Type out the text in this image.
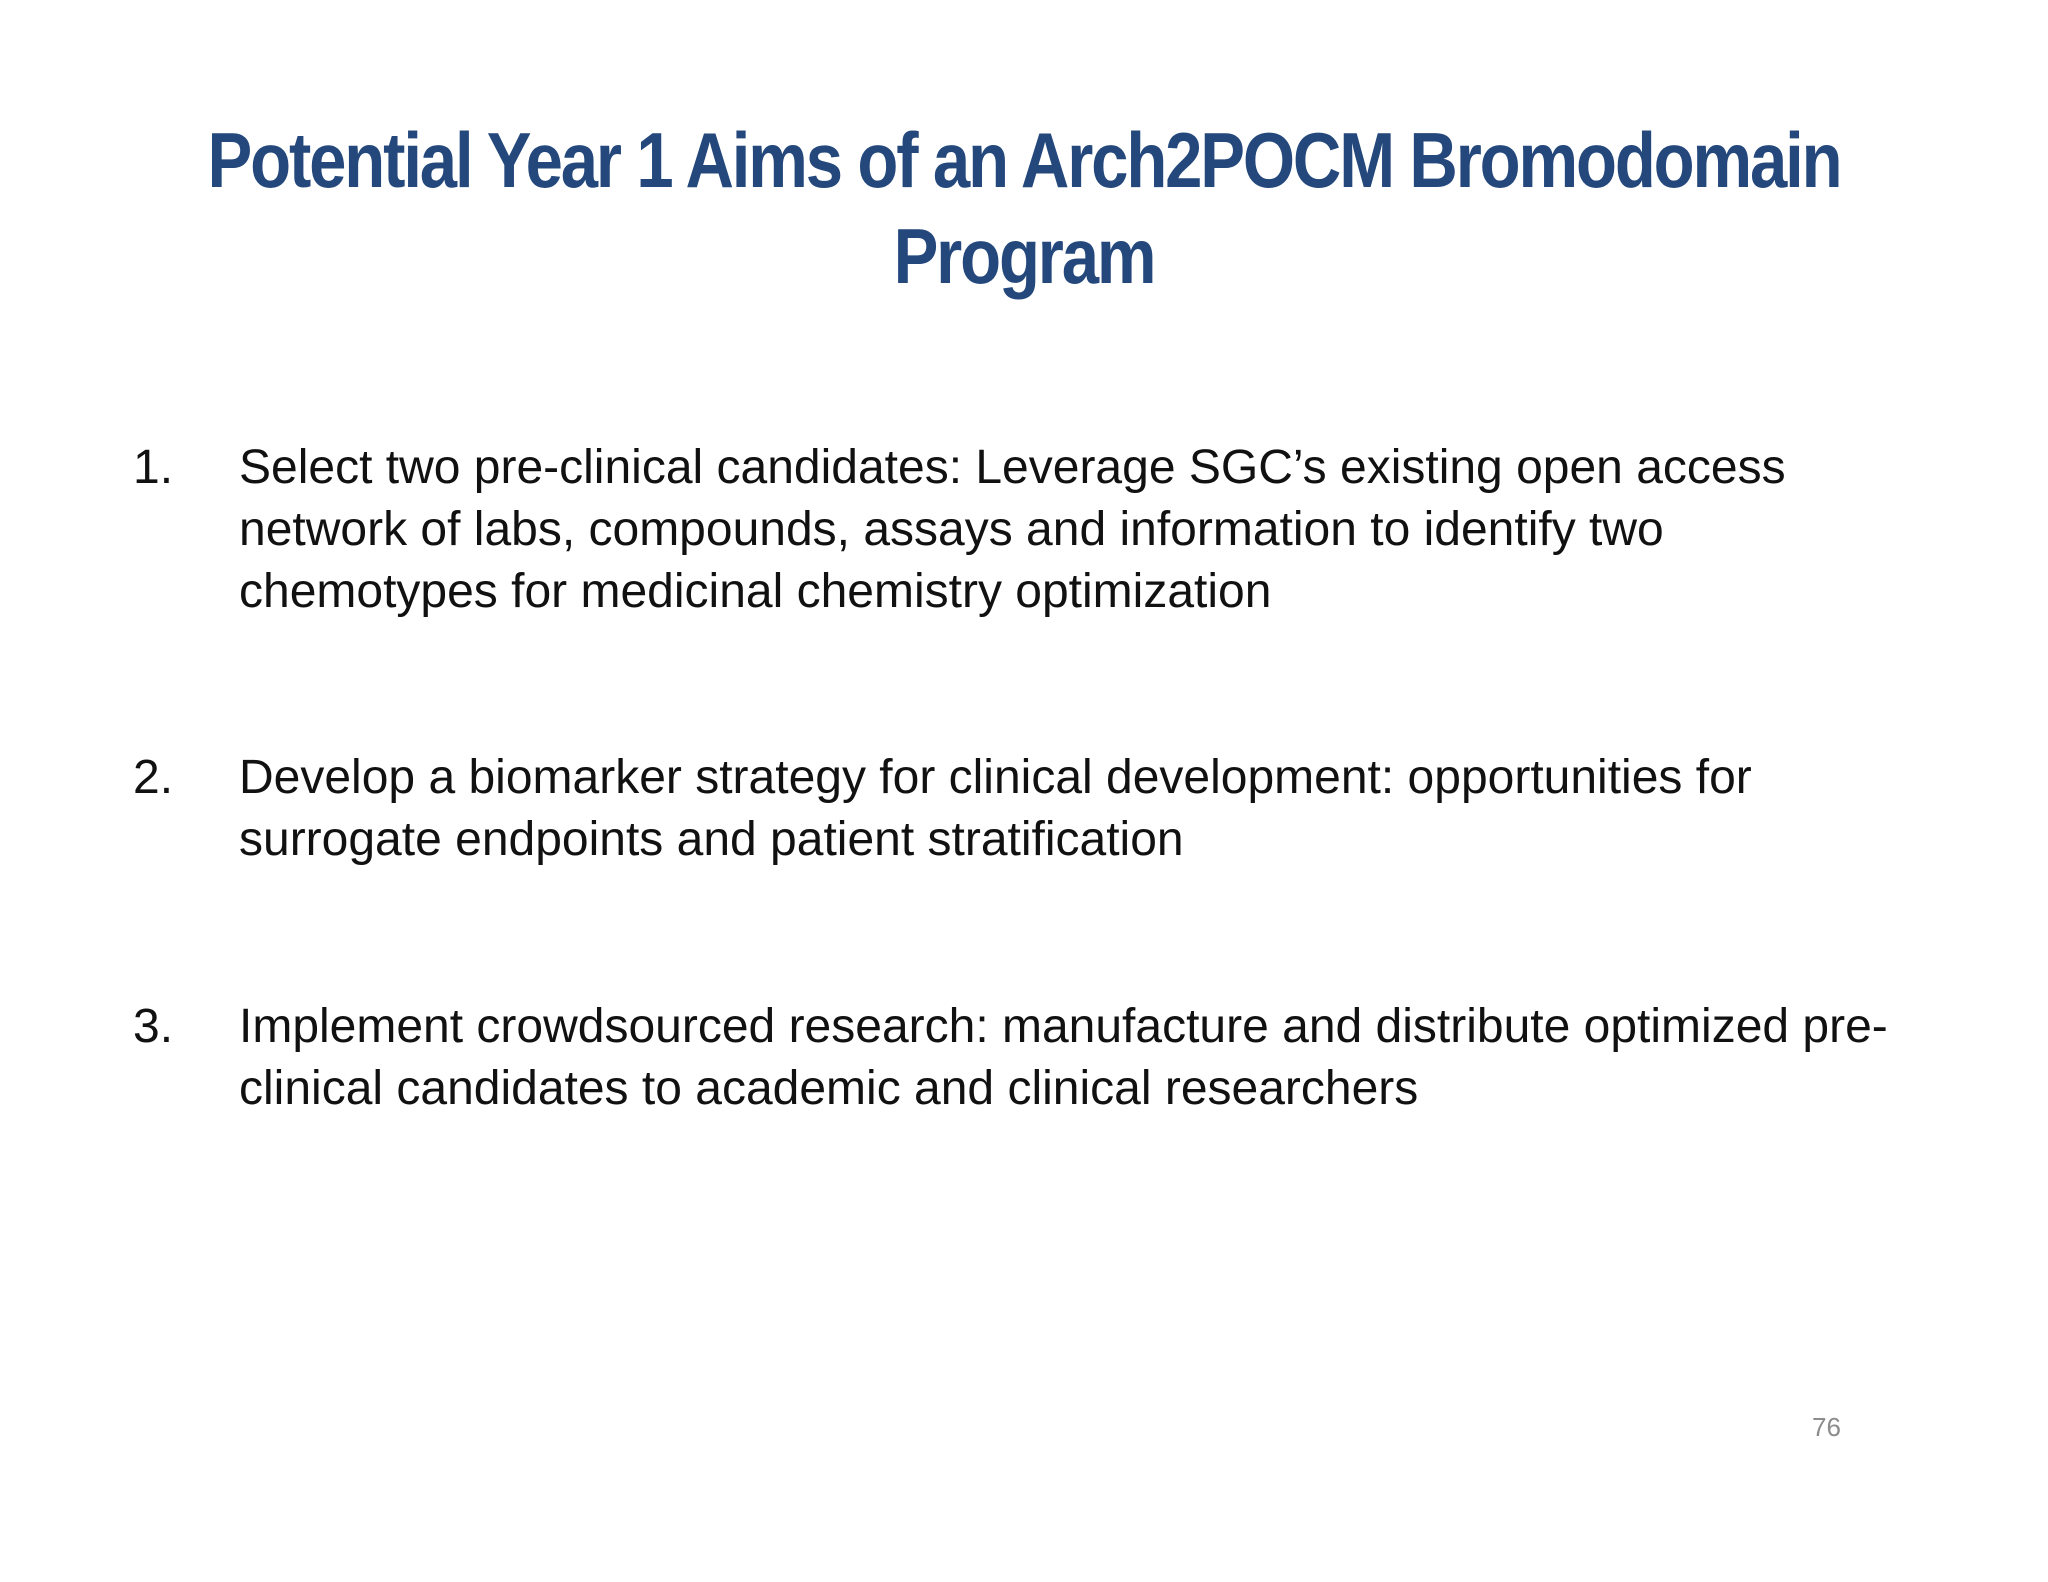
Potential Year 1 Aims of an Arch2POCM Bromodomain Program
1.	Select two pre-clinical candidates: Leverage SGC’s existing open access network of labs, compounds, assays and information to identify two chemotypes for medicinal chemistry optimization
2.	Develop a biomarker strategy for clinical development: opportunities for surrogate endpoints and patient stratification
3.	Implement crowdsourced research: manufacture and distribute optimized pre-clinical candidates to academic and clinical researchers
76
